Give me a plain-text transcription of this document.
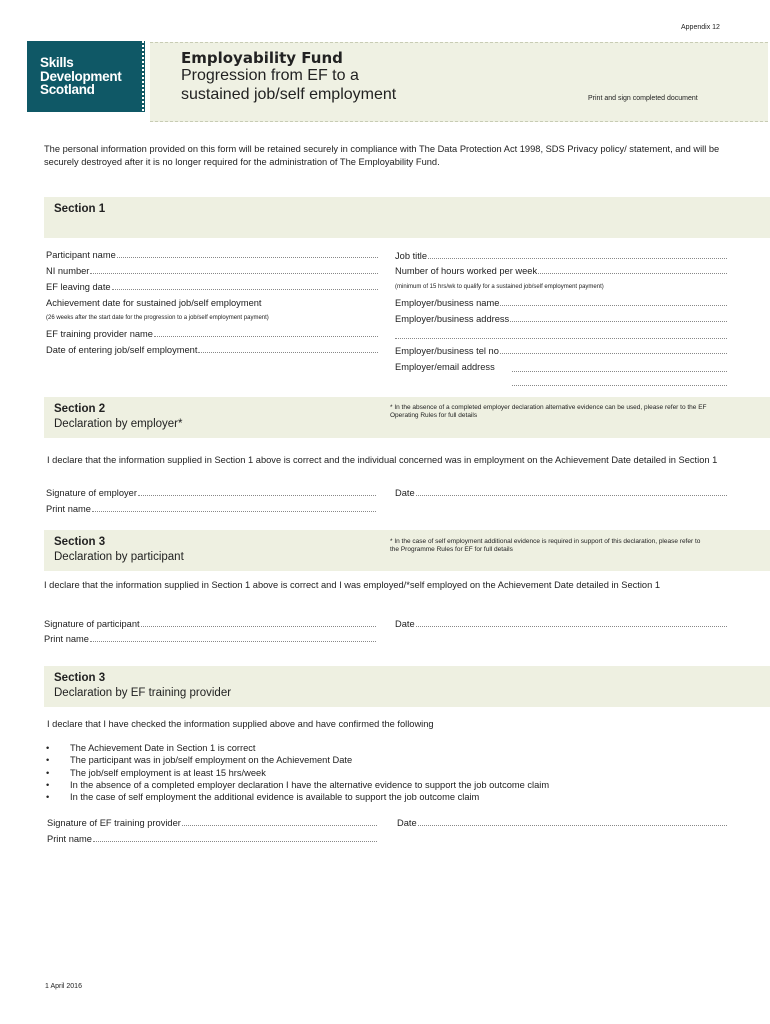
Appendix 12
Skills
Development
Scotland
Employability Fund
Progression from EF to a
sustained job/self employment	Print and sign completed document
The personal information provided on this form will be retained securely in compliance with The Data Protection Act 1998, SDS Privacy policy/ statement, and will be securely destroyed after it is no longer required for the administration of The Employability Fund.
Section 1
Participant name
NI number
EF leaving date
Achievement date for sustained job/self employment
(26 weeks after the start date for the progression to a job/self employment payment)
EF training provider name
Date of entering job/self employment
Job title
Number of hours worked per week
(minimum of 15 hrs/wk to qualify for a sustained job/self employment payment)
Employer/business name
Employer/business address
Employer/business tel no
Employer/email address
Section 2
Declaration by employer*
* In the absence of a completed employer declaration alternative evidence can be used, please refer to the EF Operating Rules for full details
I declare that the information supplied in Section 1 above is correct and the individual concerned was in employment on the Achievement Date detailed in Section 1
Signature of employer	Date
Print name
Section 3
Declaration by participant
* In the case of self employment additional evidence is required in support of this declaration, please refer to the Programme Rules for EF for full details
I declare that the information supplied in Section 1 above is correct and I was employed/*self employed on the Achievement Date detailed in Section 1
Signature of participant	Date
Print name
Section 3
Declaration by EF training provider
I declare that I have checked the information supplied above and have confirmed the following
• The Achievement Date in Section 1 is correct
• The participant was in job/self employment on the Achievement Date
• The job/self employment is at least 15 hrs/week
• In the absence of a completed employer declaration I have the alternative evidence to support the job outcome claim
• In the case of self employment the additional evidence is available to support the job outcome claim
Signature of EF training provider	Date
Print name
1 April 2016
